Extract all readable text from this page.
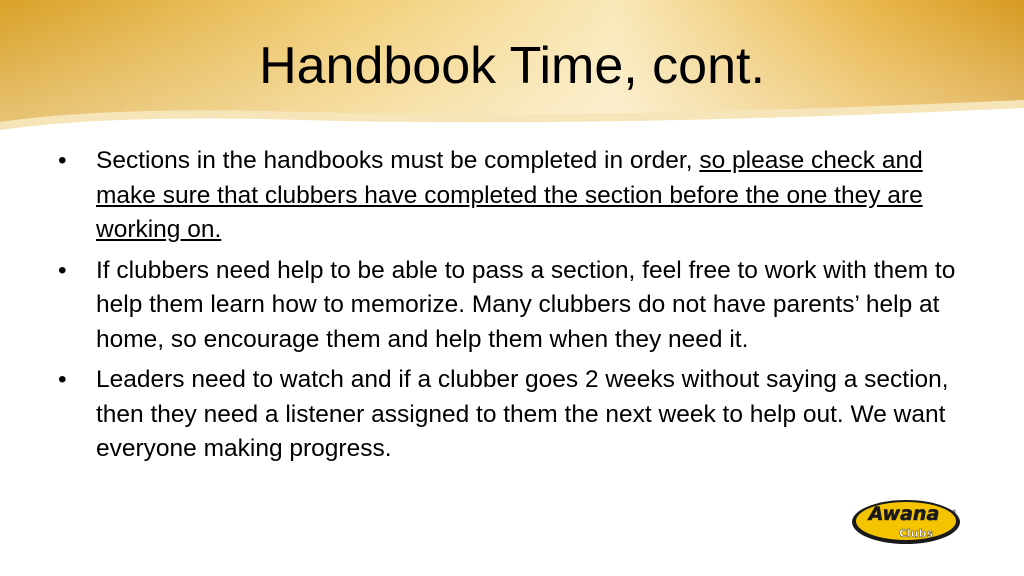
Handbook Time, cont.
• Sections in the handbooks must be completed in order, so please check and make sure that clubbers have completed the section before the one they are working on.
• If clubbers need help to be able to pass a section, feel free to work with them to help them learn how to memorize. Many clubbers do not have parents’ help at home, so encourage them and help them when they need it.
• Leaders need to watch and if a clubber goes 2 weeks without saying a section, then they need a listener assigned to them the next week to help out. We want everyone making progress.
Awana
Clubs
®
